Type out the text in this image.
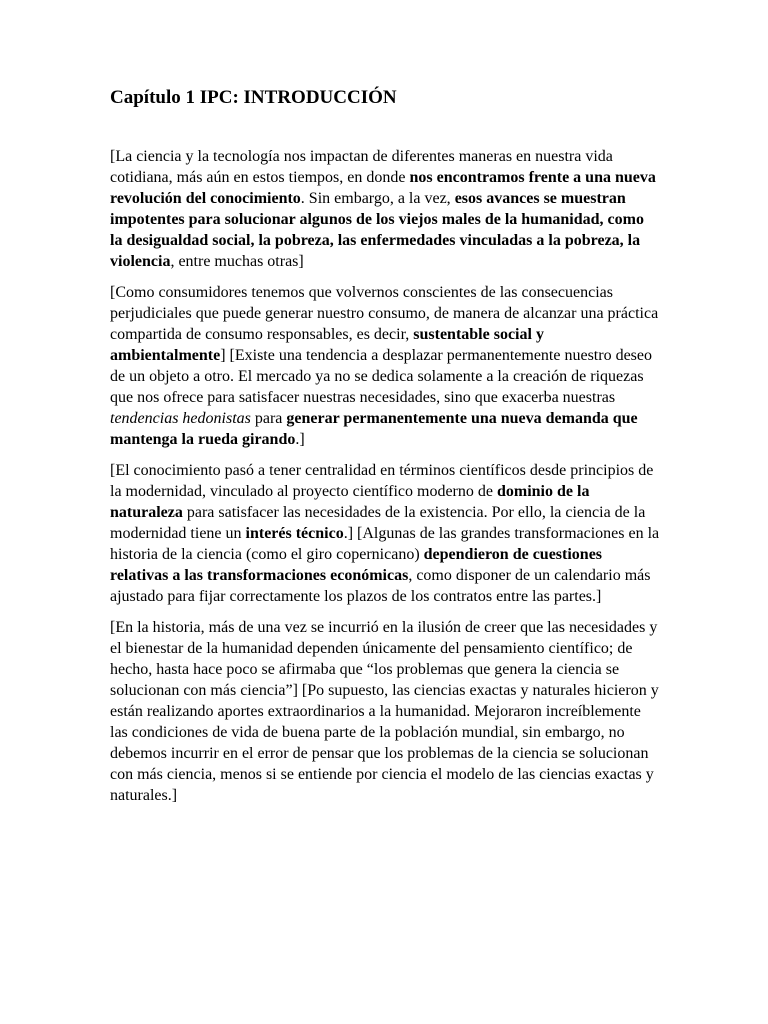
Capítulo 1 IPC: INTRODUCCIÓN

[La ciencia y la tecnología nos impactan de diferentes maneras en nuestra vida cotidiana, más aún en estos tiempos, en donde nos encontramos frente a una nueva revolución del conocimiento. Sin embargo, a la vez, esos avances se muestran impotentes para solucionar algunos de los viejos males de la humanidad, como la desigualdad social, la pobreza, las enfermedades vinculadas a la pobreza, la violencia, entre muchas otras]

[Como consumidores tenemos que volvernos conscientes de las consecuencias perjudiciales que puede generar nuestro consumo, de manera de alcanzar una práctica compartida de consumo responsables, es decir, sustentable social y ambientalmente] [Existe una tendencia a desplazar permanentemente nuestro deseo de un objeto a otro. El mercado ya no se dedica solamente a la creación de riquezas que nos ofrece para satisfacer nuestras necesidades, sino que exacerba nuestras tendencias hedonistas para generar permanentemente una nueva demanda que mantenga la rueda girando.]

[El conocimiento pasó a tener centralidad en términos científicos desde principios de la modernidad, vinculado al proyecto científico moderno de dominio de la naturaleza para satisfacer las necesidades de la existencia. Por ello, la ciencia de la modernidad tiene un interés técnico.] [Algunas de las grandes transformaciones en la historia de la ciencia (como el giro copernicano) dependieron de cuestiones relativas a las transformaciones económicas, como disponer de un calendario más ajustado para fijar correctamente los plazos de los contratos entre las partes.]

[En la historia, más de una vez se incurrió en la ilusión de creer que las necesidades y el bienestar de la humanidad dependen únicamente del pensamiento científico; de hecho, hasta hace poco se afirmaba que “los problemas que genera la ciencia se solucionan con más ciencia”] [Po supuesto, las ciencias exactas y naturales hicieron y están realizando aportes extraordinarios a la humanidad. Mejoraron increíblemente las condiciones de vida de buena parte de la población mundial, sin embargo, no debemos incurrir en el error de pensar que los problemas de la ciencia se solucionan con más ciencia, menos si se entiende por ciencia el modelo de las ciencias exactas y naturales.]
